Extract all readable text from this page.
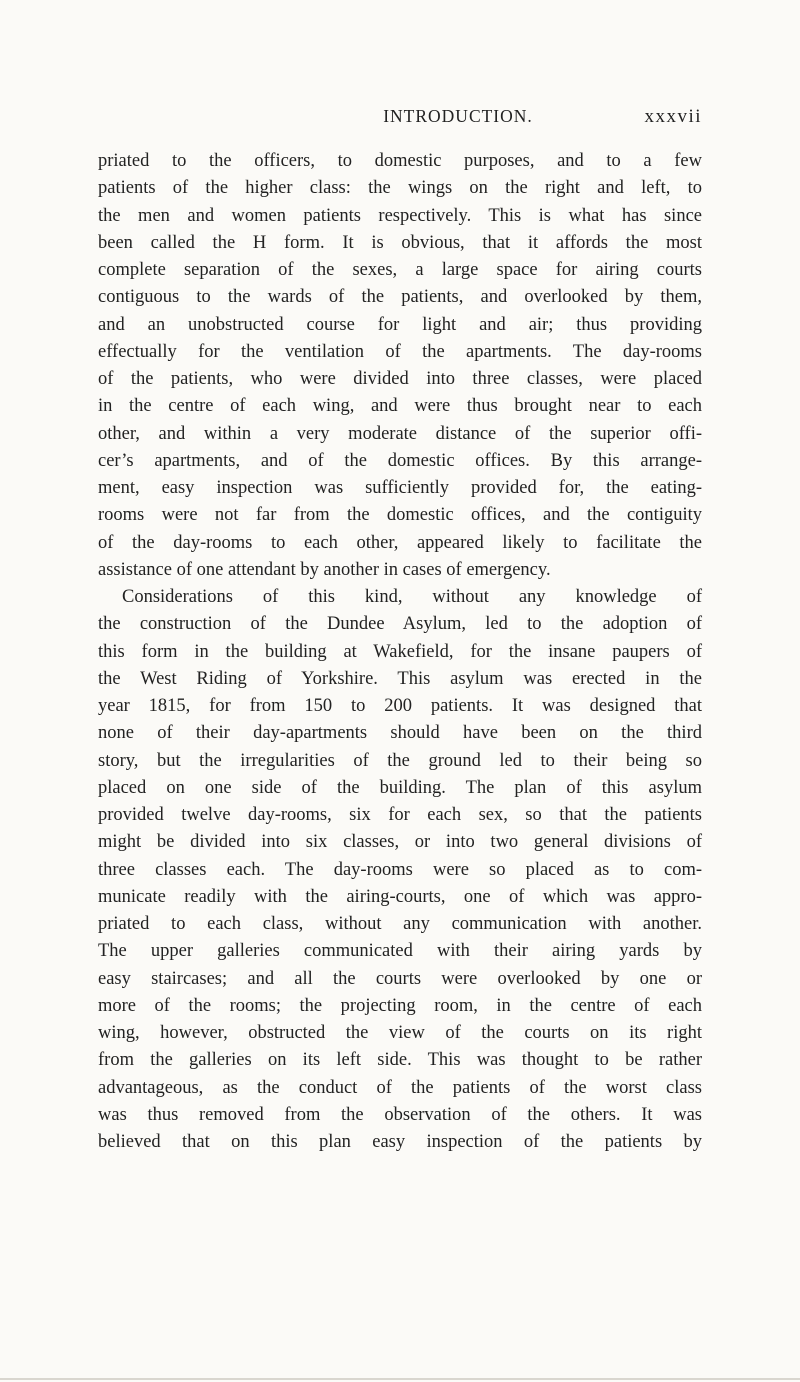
INTRODUCTION.	xxxvii
priated to the officers, to domestic purposes, and to a few
patients of the higher class: the wings on the right and left, to
the men and women patients respectively. This is what has since
been called the H form. It is obvious, that it affords the most
complete separation of the sexes, a large space for airing courts
contiguous to the wards of the patients, and overlooked by them,
and an unobstructed course for light and air; thus providing
effectually for the ventilation of the apartments. The day-rooms
of the patients, who were divided into three classes, were placed
in the centre of each wing, and were thus brought near to each
other, and within a very moderate distance of the superior offi-
cer’s apartments, and of the domestic offices. By this arrange-
ment, easy inspection was sufficiently provided for, the eating-
rooms were not far from the domestic offices, and the contiguity
of the day-rooms to each other, appeared likely to facilitate the
assistance of one attendant by another in cases of emergency.
Considerations of this kind, without any knowledge of
the construction of the Dundee Asylum, led to the adoption of
this form in the building at Wakefield, for the insane paupers of
the West Riding of Yorkshire. This asylum was erected in the
year 1815, for from 150 to 200 patients. It was designed that
none of their day-apartments should have been on the third
story, but the irregularities of the ground led to their being so
placed on one side of the building. The plan of this asylum
provided twelve day-rooms, six for each sex, so that the patients
might be divided into six classes, or into two general divisions of
three classes each. The day-rooms were so placed as to com-
municate readily with the airing-courts, one of which was appro-
priated to each class, without any communication with another.
The upper galleries communicated with their airing yards by
easy staircases; and all the courts were overlooked by one or
more of the rooms; the projecting room, in the centre of each
wing, however, obstructed the view of the courts on its right
from the galleries on its left side. This was thought to be rather
advantageous, as the conduct of the patients of the worst class
was thus removed from the observation of the others. It was
believed that on this plan easy inspection of the patients by
